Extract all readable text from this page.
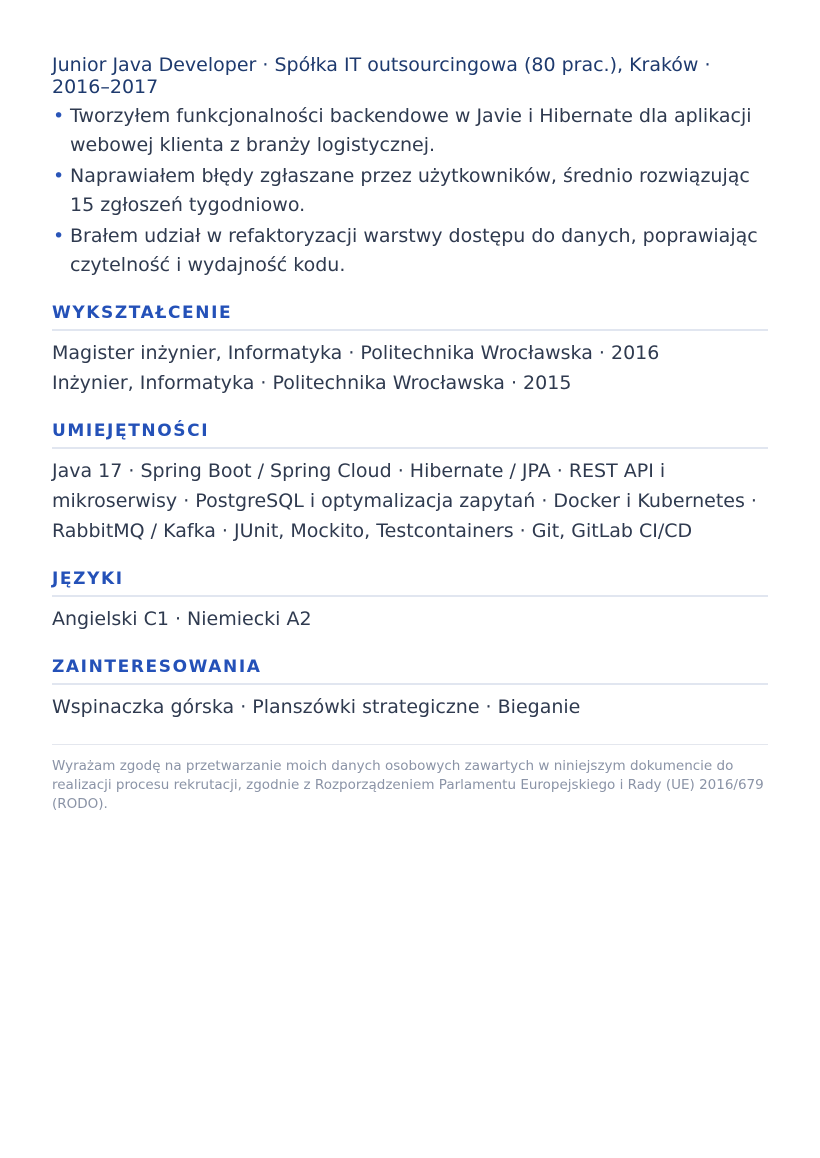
Junior Java Developer · Spółka IT outsourcingowa (80 prac.), Kraków · 2016–2017
• Tworzyłem funkcjonalności backendowe w Javie i Hibernate dla aplikacji webowej klienta z branży logistycznej.
• Naprawiałem błędy zgłaszane przez użytkowników, średnio rozwiązując 15 zgłoszeń tygodniowo.
• Brałem udział w refaktoryzacji warstwy dostępu do danych, poprawiając czytelność i wydajność kodu.
WYKSZTAŁCENIE
Magister inżynier, Informatyka · Politechnika Wrocławska · 2016
Inżynier, Informatyka · Politechnika Wrocławska · 2015
UMIEJĘTNOŚCI
Java 17 · Spring Boot / Spring Cloud · Hibernate / JPA · REST API i mikroserwisy · PostgreSQL i optymalizacja zapytań · Docker i Kubernetes · RabbitMQ / Kafka · JUnit, Mockito, Testcontainers · Git, GitLab CI/CD
JĘZYKI
Angielski C1 · Niemiecki A2
ZAINTERESOWANIA
Wspinaczka górska · Planszówki strategiczne · Bieganie
Wyrażam zgodę na przetwarzanie moich danych osobowych zawartych w niniejszym dokumencie do realizacji procesu rekrutacji, zgodnie z Rozporządzeniem Parlamentu Europejskiego i Rady (UE) 2016/679 (RODO).
